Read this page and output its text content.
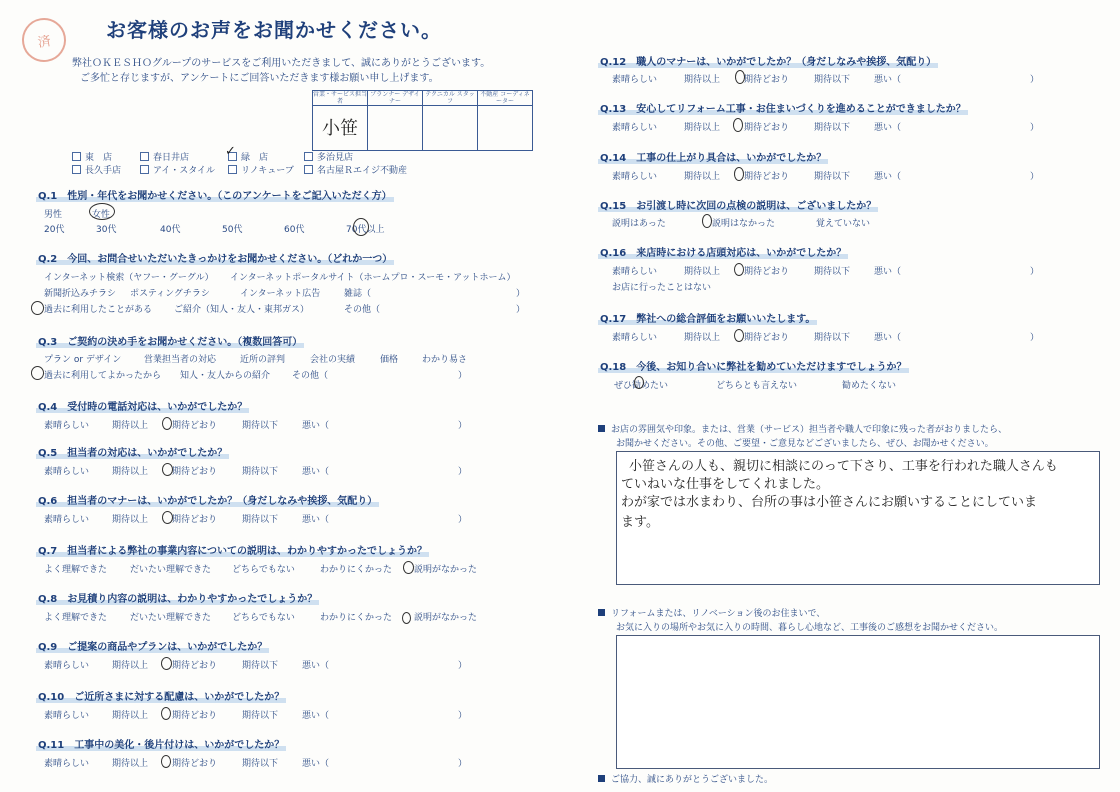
済	お客様のお声をお聞かせください。
弊社ＯＫＥＳＨＯグループのサービスをご利用いただきまして、誠にありがとうございます。
ご多忙と存じますが、アンケートにご回答いただきます様お願い申し上げます。
営業・サービス担当者	プランナー デザイナー	テクニカル スタッフ	不動産 コーディネーター
小笹			
東　店	春日井店	緑　店	多治見店
長久手店	アイ・スタイル	リノキューブ	名古屋Ｒエイジ不動産
✓
Q.1　性別・年代をお聞かせください。（このアンケートをご記入いただく方）
男性	女性
20代	30代	40代	50代	60代	70代以上
Q.2　今回、お問合せいただいたきっかけをお聞かせください。（どれか一つ）
インターネット検索（ヤフー・グーグル） インターネットポータルサイト（ホームプロ・スーモ・アットホーム）
新聞折込みチラシ ポスティングチラシ	インターネット広告	雑誌（	）
過去に利用したことがある ご紹介（知人・友人・東邦ガス）	その他（	）
Q.3　ご契約の決め手をお聞かせください。（複数回答可）
プラン or デザイン	営業担当者の対応	近所の評判	会社の実績	価格	わかり易さ
過去に利用してよかったから 知人・友人からの紹介 その他（	）
Q.4　受付時の電話対応は、いかがでしたか？
素晴らしい	期待以上	期待どおり	期待以下	悪い（	）
Q.5　担当者の対応は、いかがでしたか？
素晴らしい	期待以上	期待どおり	期待以下	悪い（	）
Q.6　担当者のマナーは、いかがでしたか？（身だしなみや挨拶、気配り）
素晴らしい	期待以上	期待どおり	期待以下	悪い（	）
Q.7　担当者による弊社の事業内容についての説明は、わかりやすかったでしょうか？
よく理解できた	だいたい理解できた どちらでもない	わかりにくかった 説明がなかった
Q.8　お見積り内容の説明は、わかりやすかったでしょうか？
よく理解できた	だいたい理解できた どちらでもない	わかりにくかった 説明がなかった
Q.9　ご提案の商品やプランは、いかがでしたか？
素晴らしい	期待以上	期待どおり	期待以下	悪い（	）
Q.10　ご近所さまに対する配慮は、いかがでしたか？
素晴らしい	期待以上	期待どおり	期待以下	悪い（	）
Q.11　工事中の美化・後片付けは、いかがでしたか？
素晴らしい	期待以上	期待どおり	期待以下	悪い（	）
Q.12　職人のマナーは、いかがでしたか？（身だしなみや挨拶、気配り）
素晴らしい	期待以上	期待どおり	期待以下	悪い（	）
Q.13　安心してリフォーム工事・お住まいづくりを進めることができましたか？
素晴らしい	期待以上	期待どおり	期待以下	悪い（	）
Q.14　工事の仕上がり具合は、いかがでしたか？
素晴らしい	期待以上	期待どおり	期待以下	悪い（	）
Q.15　お引渡し時に次回の点検の説明は、ございましたか？
説明はあった	説明はなかった	覚えていない
Q.16　来店時における店頭対応は、いかがでしたか？
素晴らしい	期待以上	期待どおり	期待以下	悪い（	）
お店に行ったことはない
Q.17　弊社への総合評価をお願いいたします。
素晴らしい	期待以上	期待どおり	期待以下	悪い（	）
Q.18　今後、お知り合いに弊社を勧めていただけますでしょうか？
ぜひ勧めたい	どちらとも言えない	勧めたくない
お店の雰囲気や印象。または、営業（サービス）担当者や職人で印象に残った者がおりましたら、
お聞かせください。その他、ご要望・ご意見などございましたら、ぜひ、お聞かせください。
小笹さんの人も、親切に相談にのって下さり、工事を行われた職人さんも
ていねいな仕事をしてくれました。
わが家では水まわり、台所の事は小笹さんにお願いすることにしていま
ます。
リフォームまたは、リノベーション後のお住まいで、
お気に入りの場所やお気に入りの時間、暮らし心地など、工事後のご感想をお聞かせください。
ご協力、誠にありがとうございました。
